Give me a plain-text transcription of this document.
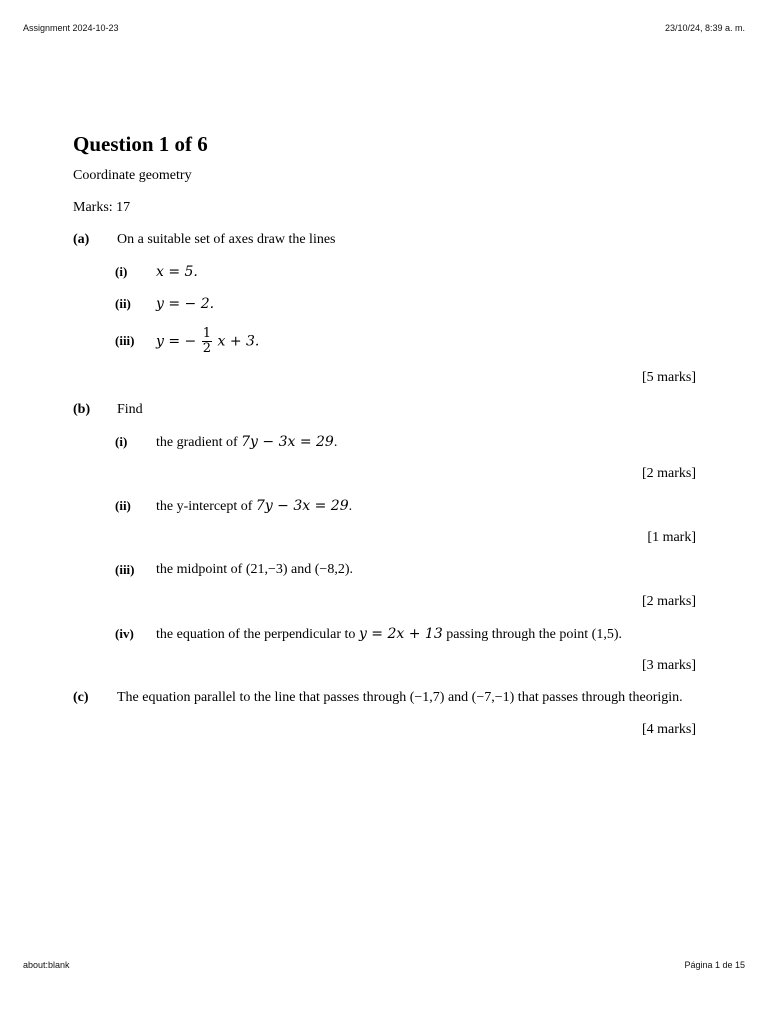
Assignment 2024-10-23	23/10/24, 8:39 a. m.
Question 1 of 6
Coordinate geometry
Marks: 17
(a)	On a suitable set of axes draw the lines
(i)	x = 5.
(ii)	y = − 2.
(iii)	y = − $\frac{1}{2}$ x + 3.
[5 marks]
(b)	Find
(i)	the gradient of 7y − 3x = 29.
[2 marks]
(ii)	the y-intercept of 7y − 3x = 29.
[1 mark]
(iii)	the midpoint of (21,−3) and (−8,2).
[2 marks]
(iv)	the equation of the perpendicular to y = 2x + 13 passing through the point (1,5).
[3 marks]
(c)	The equation parallel to the line that passes through (−1,7) and (−7,−1) that passes through theorigin.
[4 marks]
about:blank	Página 1 de 15
